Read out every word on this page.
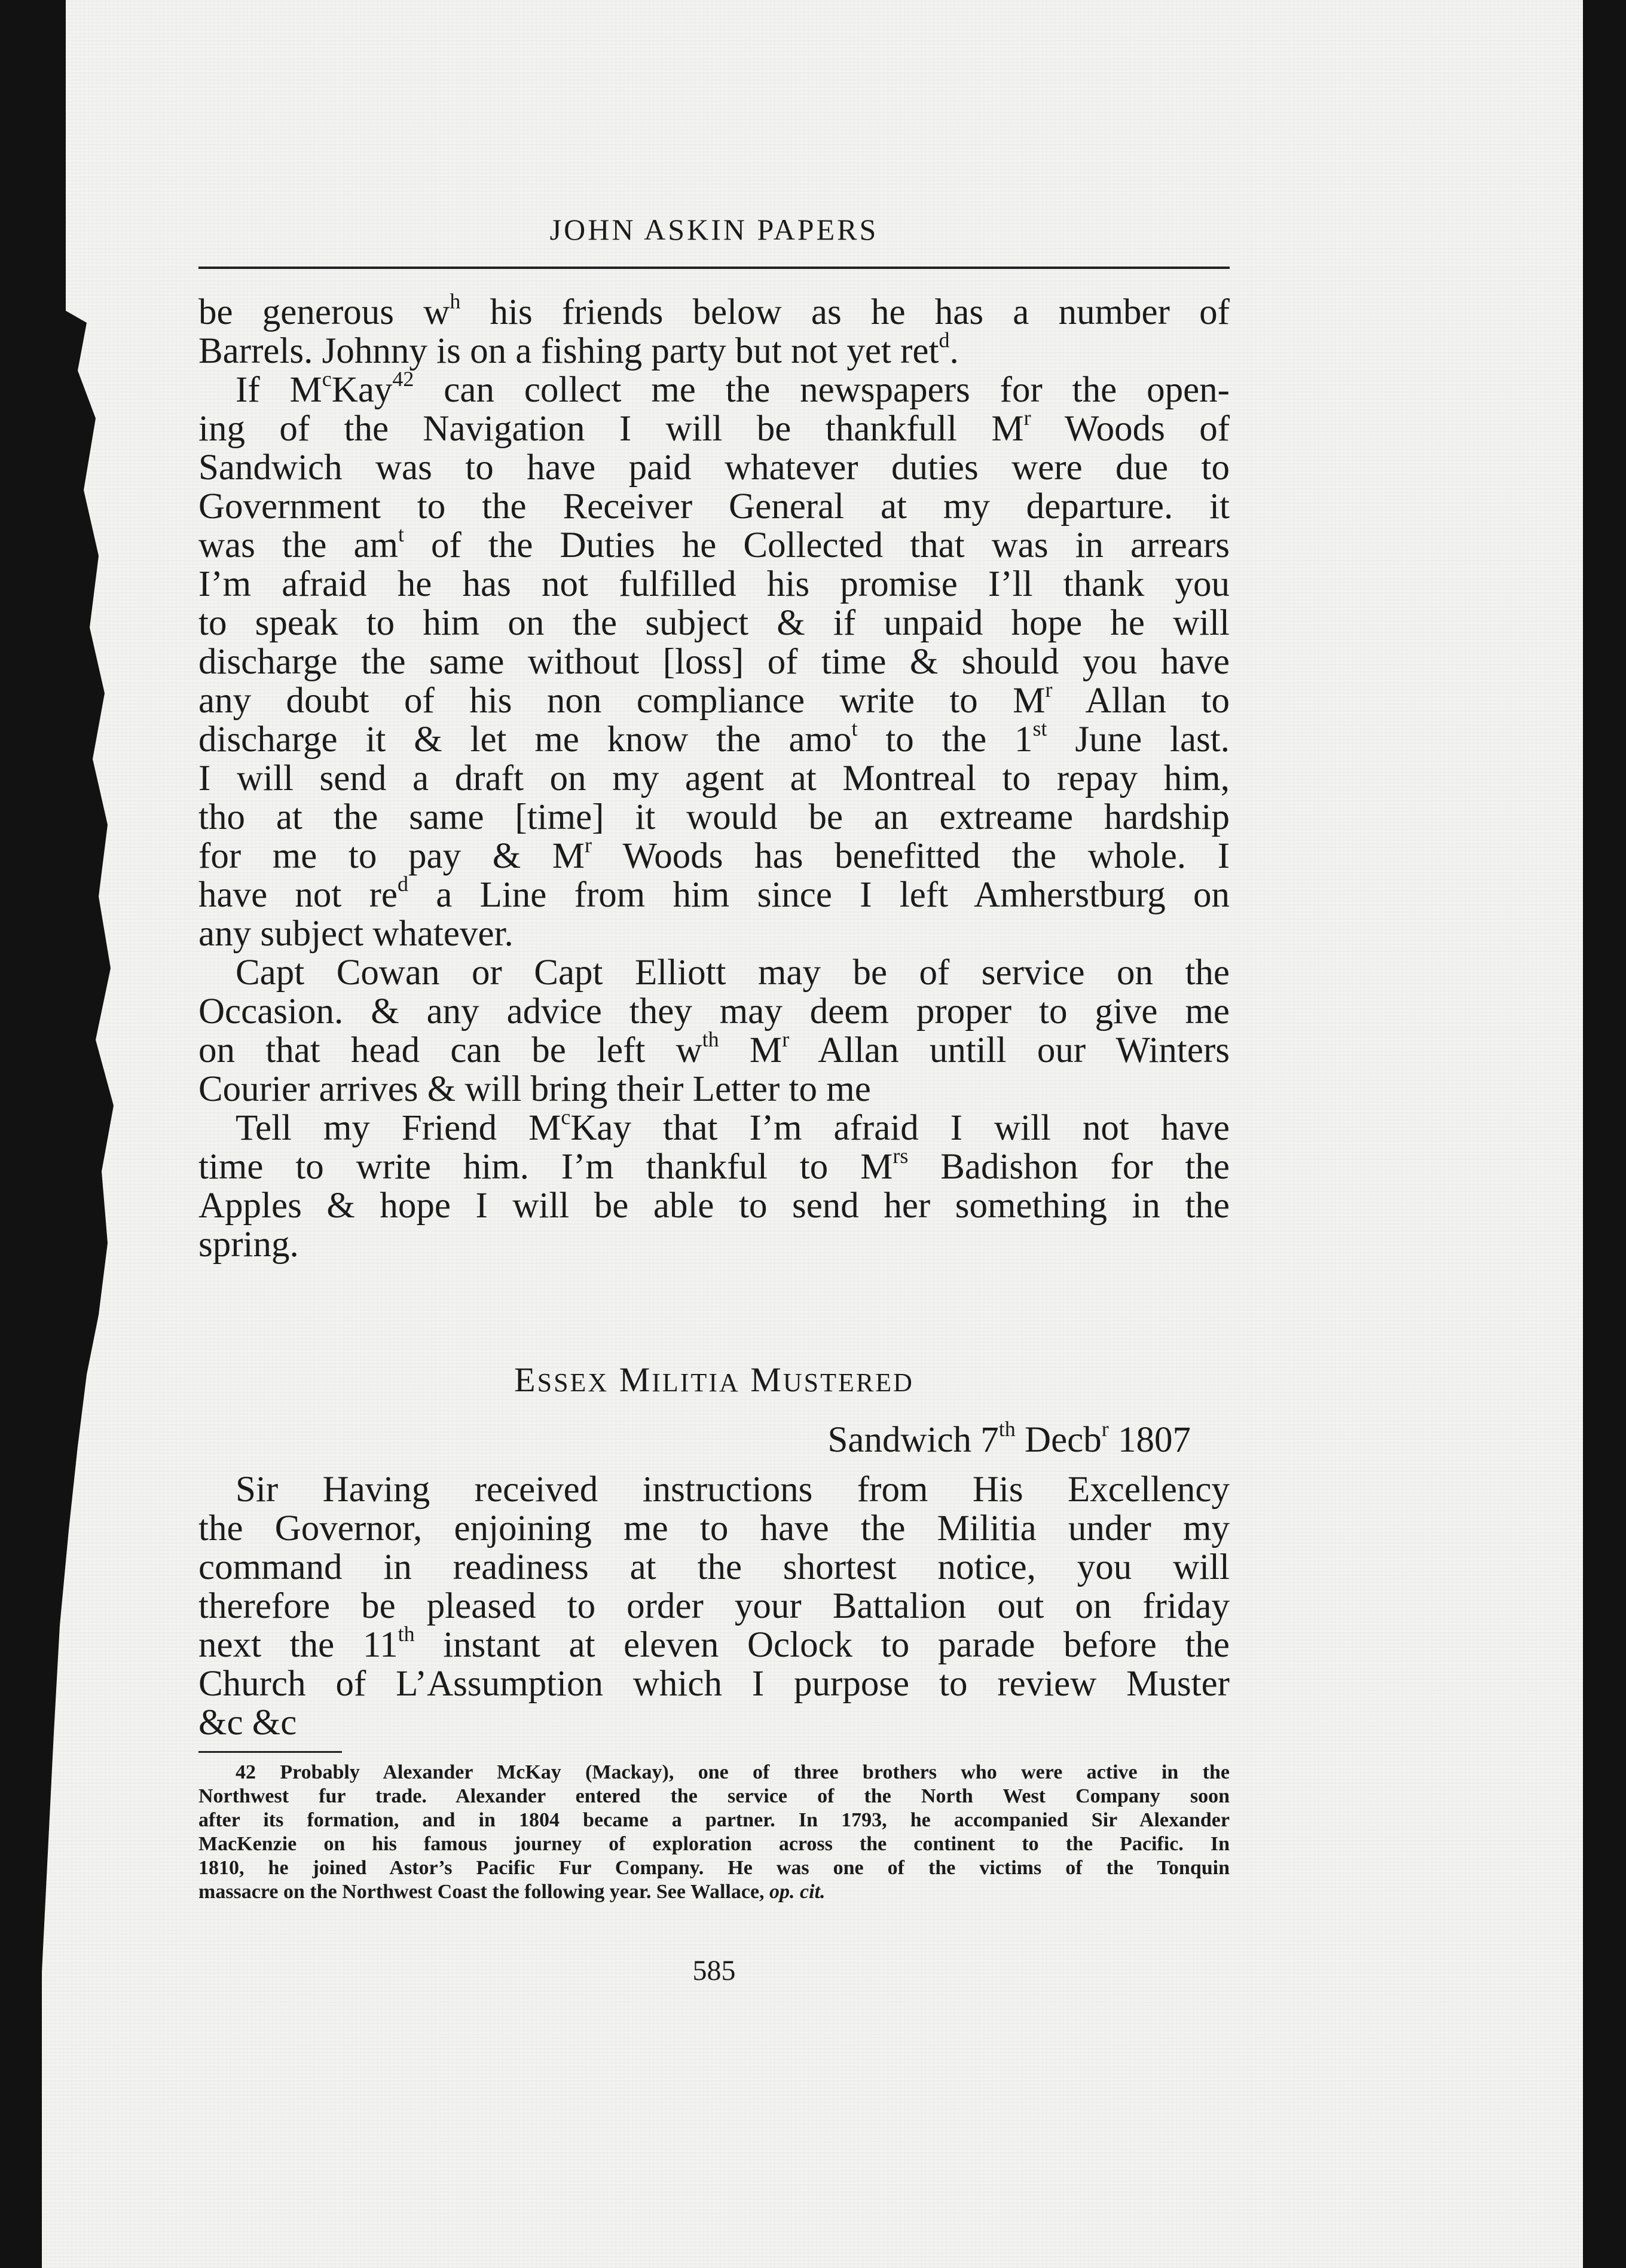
JOHN ASKIN PAPERS
be generous $w^h$ his friends below as he has a number of
Barrels. Johnny is on a fishing party but not yet ret$^d$.
If $M^cKay^{42}$ can collect me the newspapers for the open-
ing of the Navigation I will be thankfull $M^r$ Woods of
Sandwich was to have paid whatever duties were due to
Government to the Receiver General at my departure. it
was the $am^t$ of the Duties he Collected that was in arrears
I’m afraid he has not fulfilled his promise I’ll thank you
to speak to him on the subject & if unpaid hope he will
discharge the same without [loss] of time & should you have
any doubt of his non compliance write to $M^r$ Allan to
discharge it & let me know the amo$^t$ to the 1st June last.
I will send a draft on my agent at Montreal to repay him,
tho at the same [time] it would be an extreame hardship
for me to pay & $M^r$ Woods has benefitted the whole. I
have not $re^d$ a Line from him since I left Amherstburg on
any subject whatever.
Capt Cowan or Capt Elliott may be of service on the
Occasion. & any advice they may deem proper to give me
on that head can be left $w^{th}$ $M^r$ Allan untill our Winters
Courier arrives & will bring their Letter to me
Tell my Friend $M^cKay$ that I’m afraid I will not have
time to write him. I’m thankful to $M^{rs}$ Badishon for the
Apples & hope I will be able to send her something in the
spring.
ESSEX MILITIA MUSTERED
Sandwich 7th Decb$^r$ 1807
Sir Having received instructions from His Excellency
the Governor, enjoining me to have the Militia under my
command in readiness at the shortest notice, you will
therefore be pleased to order your Battalion out on friday
next the 11th instant at eleven Oclock to parade before the
Church of L’Assumption which I purpose to review Muster
&c &c
42 Probably Alexander McKay (Mackay), one of three brothers who were active in the
Northwest fur trade. Alexander entered the service of the North West Company soon
after its formation, and in 1804 became a partner. In 1793, he accompanied Sir Alexander
MacKenzie on his famous journey of exploration across the continent to the Pacific. In
1810, he joined Astor’s Pacific Fur Company. He was one of the victims of the Tonquin
massacre on the Northwest Coast the following year. See Wallace, op. cit.
585
